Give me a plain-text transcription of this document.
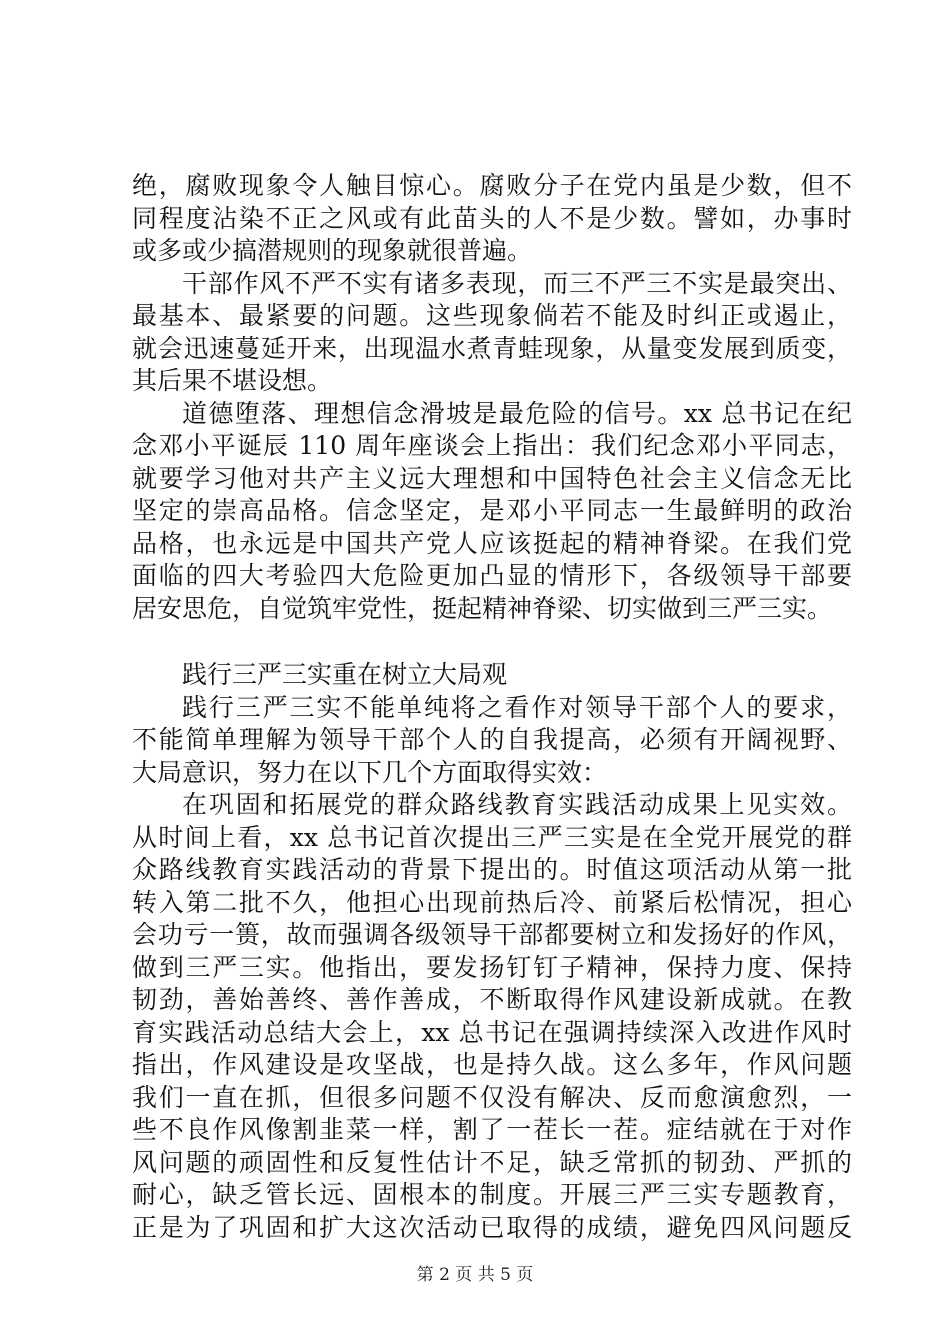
绝，腐败现象令人触目惊心。腐败分子在党内虽是少数，但不
同程度沾染不正之风或有此苗头的人不是少数。譬如，办事时
或多或少搞潜规则的现象就很普遍。
干部作风不严不实有诸多表现，而三不严三不实是最突出、
最基本、最紧要的问题。这些现象倘若不能及时纠正或遏止，
就会迅速蔓延开来，出现温水煮青蛙现象，从量变发展到质变，
其后果不堪设想。
道德堕落、理想信念滑坡是最危险的信号。xx 总书记在纪
念邓小平诞辰 110 周年座谈会上指出：我们纪念邓小平同志，
就要学习他对共产主义远大理想和中国特色社会主义信念无比
坚定的崇高品格。信念坚定，是邓小平同志一生最鲜明的政治
品格，也永远是中国共产党人应该挺起的精神脊梁。在我们党
面临的四大考验四大危险更加凸显的情形下，各级领导干部要
居安思危，自觉筑牢党性，挺起精神脊梁、切实做到三严三实。
践行三严三实重在树立大局观
践行三严三实不能单纯将之看作对领导干部个人的要求，
不能简单理解为领导干部个人的自我提高，必须有开阔视野、
大局意识，努力在以下几个方面取得实效：
在巩固和拓展党的群众路线教育实践活动成果上见实效。
从时间上看，xx 总书记首次提出三严三实是在全党开展党的群
众路线教育实践活动的背景下提出的。时值这项活动从第一批
转入第二批不久，他担心出现前热后冷、前紧后松情况，担心
会功亏一篑，故而强调各级领导干部都要树立和发扬好的作风，
做到三严三实。他指出，要发扬钉钉子精神，保持力度、保持
韧劲，善始善终、善作善成，不断取得作风建设新成就。在教
育实践活动总结大会上，xx 总书记在强调持续深入改进作风时
指出，作风建设是攻坚战，也是持久战。这么多年，作风问题
我们一直在抓，但很多问题不仅没有解决、反而愈演愈烈，一
些不良作风像割韭菜一样，割了一茬长一茬。症结就在于对作
风问题的顽固性和反复性估计不足，缺乏常抓的韧劲、严抓的
耐心，缺乏管长远、固根本的制度。开展三严三实专题教育，
正是为了巩固和扩大这次活动已取得的成绩，避免四风问题反
第 2 页 共 5 页
